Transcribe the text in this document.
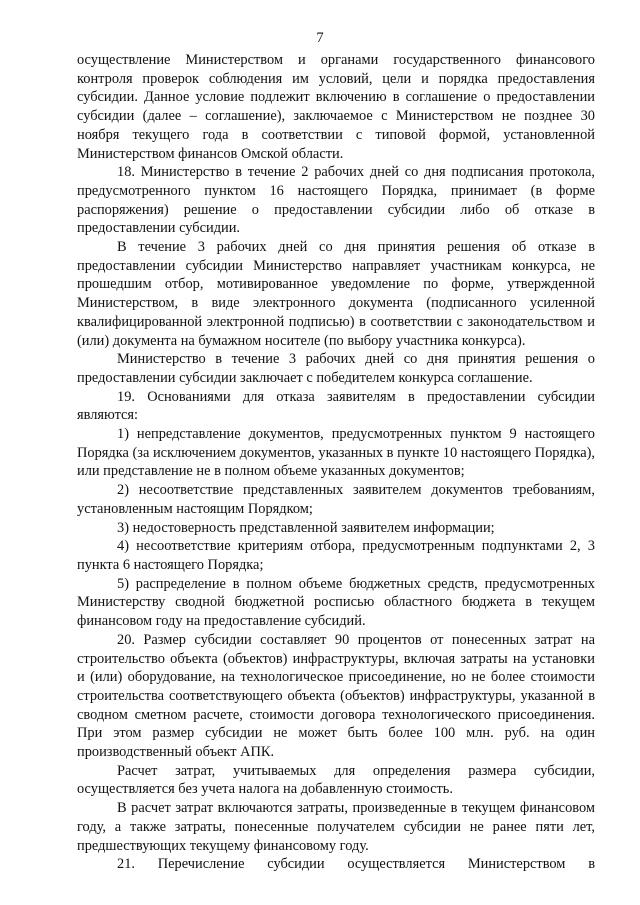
7

осуществление Министерством и органами государственного финансового контроля проверок соблюдения им условий, цели и порядка предоставления субсидии. Данное условие подлежит включению в соглашение о предоставлении субсидии (далее – соглашение), заключаемое с Министерством не позднее 30 ноября текущего года в соответствии с типовой формой, установленной Министерством финансов Омской области.

18. Министерство в течение 2 рабочих дней со дня подписания протокола, предусмотренного пунктом 16 настоящего Порядка, принимает (в форме распоряжения) решение о предоставлении субсидии либо об отказе в предоставлении субсидии.

В течение 3 рабочих дней со дня принятия решения об отказе в предоставлении субсидии Министерство направляет участникам конкурса, не прошедшим отбор, мотивированное уведомление по форме, утвержденной Министерством, в виде электронного документа (подписанного усиленной квалифицированной электронной подписью) в соответствии с законодательством и (или) документа на бумажном носителе (по выбору участника конкурса).

Министерство в течение 3 рабочих дней со дня принятия решения о предоставлении субсидии заключает с победителем конкурса соглашение.

19. Основаниями для отказа заявителям в предоставлении субсидии являются:

1) непредставление документов, предусмотренных пунктом 9 настоящего Порядка (за исключением документов, указанных в пункте 10 настоящего Порядка), или представление не в полном объеме указанных документов;

2) несоответствие представленных заявителем документов требованиям, установленным настоящим Порядком;

3) недостоверность представленной заявителем информации;

4) несоответствие критериям отбора, предусмотренным подпунктами 2, 3 пункта 6 настоящего Порядка;

5) распределение в полном объеме бюджетных средств, предусмотренных Министерству сводной бюджетной росписью областного бюджета в текущем финансовом году на предоставление субсидий.

20. Размер субсидии составляет 90 процентов от понесенных затрат на строительство объекта (объектов) инфраструктуры, включая затраты на установки и (или) оборудование, на технологическое присоединение, но не более стоимости строительства соответствующего объекта (объектов) инфраструктуры, указанной в сводном сметном расчете, стоимости договора технологического присоединения. При этом размер субсидии не может быть более 100 млн. руб. на один производственный объект АПК.

Расчет затрат, учитываемых для определения размера субсидии, осуществляется без учета налога на добавленную стоимость.

В расчет затрат включаются затраты, произведенные в текущем финансовом году, а также затраты, понесенные получателем субсидии не ранее пяти лет, предшествующих текущему финансовому году.

21. Перечисление субсидии осуществляется Министерством в
